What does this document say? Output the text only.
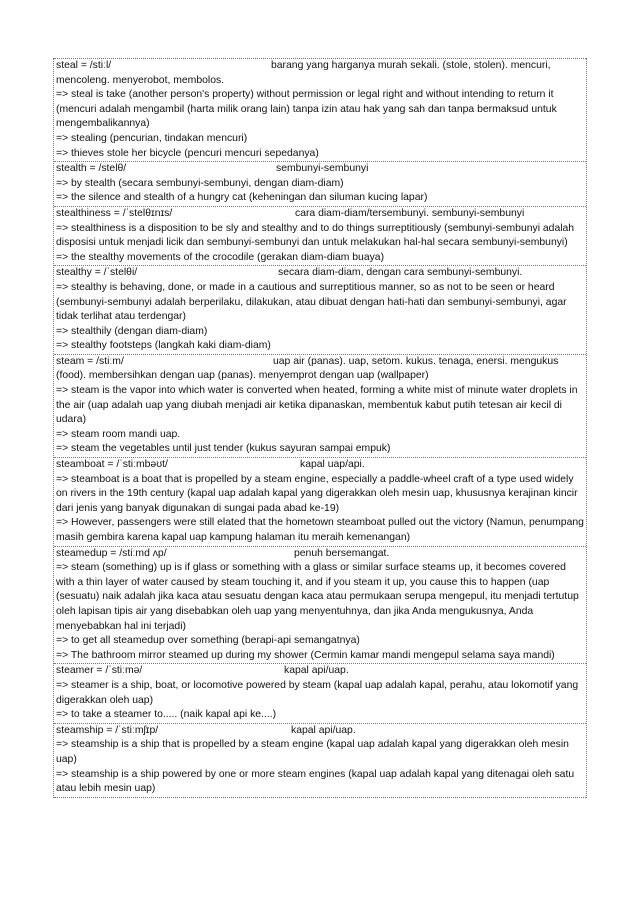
steal = /stiːl/	barang yang harganya murah sekali. (stole, stolen). mencuri,
mencoleng. menyerobot, membolos.
=> steal is take (another person's property) without permission or legal right and without intending to return it (mencuri adalah mengambil (harta milik orang lain) tanpa izin atau hak yang sah dan tanpa bermaksud untuk mengembalikannya)
=> stealing (pencurian, tindakan mencuri)
=> thieves stole her bicycle (pencuri mencuri sepedanya)
stealth = /stelθ/	sembunyi-sembunyi
=> by stealth (secara sembunyi-sembunyi, dengan diam-diam)
=> the silence and stealth of a hungry cat (keheningan dan siluman kucing lapar)
stealthiness = /ˈstelθɪnɪs/	cara diam-diam/tersembunyi. sembunyi-sembunyi
=> stealthiness is a disposition to be sly and stealthy and to do things surreptitiously (sembunyi-sembunyi adalah disposisi untuk menjadi licik dan sembunyi-sembunyi dan untuk melakukan hal-hal secara sembunyi-sembunyi)
=> the stealthy movements of the crocodile (gerakan diam-diam buaya)
stealthy = /ˈstelθi/	secara diam-diam, dengan cara sembunyi-sembunyi.
=> stealthy is behaving, done, or made in a cautious and surreptitious manner, so as not to be seen or heard (sembunyi-sembunyi adalah berperilaku, dilakukan, atau dibuat dengan hati-hati dan sembunyi-sembunyi, agar tidak terlihat atau terdengar)
=> stealthily (dengan diam-diam)
=> stealthy footsteps (langkah kaki diam-diam)
steam = /stiːm/	uap air (panas). uap, setom. kukus. tenaga, enersi. mengukus
(food). membersihkan dengan uap (panas). menyemprot dengan uap (wallpaper)
=> steam is the vapor into which water is converted when heated, forming a white mist of minute water droplets in the air (uap adalah uap yang diubah menjadi air ketika dipanaskan, membentuk kabut putih tetesan air kecil di udara)
=> steam room mandi uap.
=> steam the vegetables until just tender (kukus sayuran sampai empuk)
steamboat = /ˈstiːmbəʊt/	kapal uap/api.
=> steamboat is a boat that is propelled by a steam engine, especially a paddle-wheel craft of a type used widely on rivers in the 19th century (kapal uap adalah kapal yang digerakkan oleh mesin uap, khususnya kerajinan kincir dari jenis yang banyak digunakan di sungai pada abad ke-19)
=> However, passengers were still elated that the hometown steamboat pulled out the victory (Namun, penumpang masih gembira karena kapal uap kampung halaman itu meraih kemenangan)
steamedup = /stiːmd ʌp/	penuh bersemangat.
=> steam (something) up is if glass or something with a glass or similar surface steams up, it becomes covered with a thin layer of water caused by steam touching it, and if you steam it up, you cause this to happen (uap (sesuatu) naik adalah jika kaca atau sesuatu dengan kaca atau permukaan serupa mengepul, itu menjadi tertutup oleh lapisan tipis air yang disebabkan oleh uap yang menyentuhnya, dan jika Anda mengukusnya, Anda menyebabkan hal ini terjadi)
=> to get all steamedup over something (berapi-api semangatnya)
=> The bathroom mirror steamed up during my shower (Cermin kamar mandi mengepul selama saya mandi)
steamer = /ˈstiːmə/	kapal api/uap.
=> steamer is a ship, boat, or locomotive powered by steam (kapal uap adalah kapal, perahu, atau lokomotif yang digerakkan oleh uap)
=> to take a steamer to..... (naik kapal api ke....)
steamship = /ˈstiːmʃɪp/	kapal api/uap.
=> steamship is a ship that is propelled by a steam engine (kapal uap adalah kapal yang digerakkan oleh mesin uap)
=> steamship is a ship powered by one or more steam engines (kapal uap adalah kapal yang ditenagai oleh satu atau lebih mesin uap)
